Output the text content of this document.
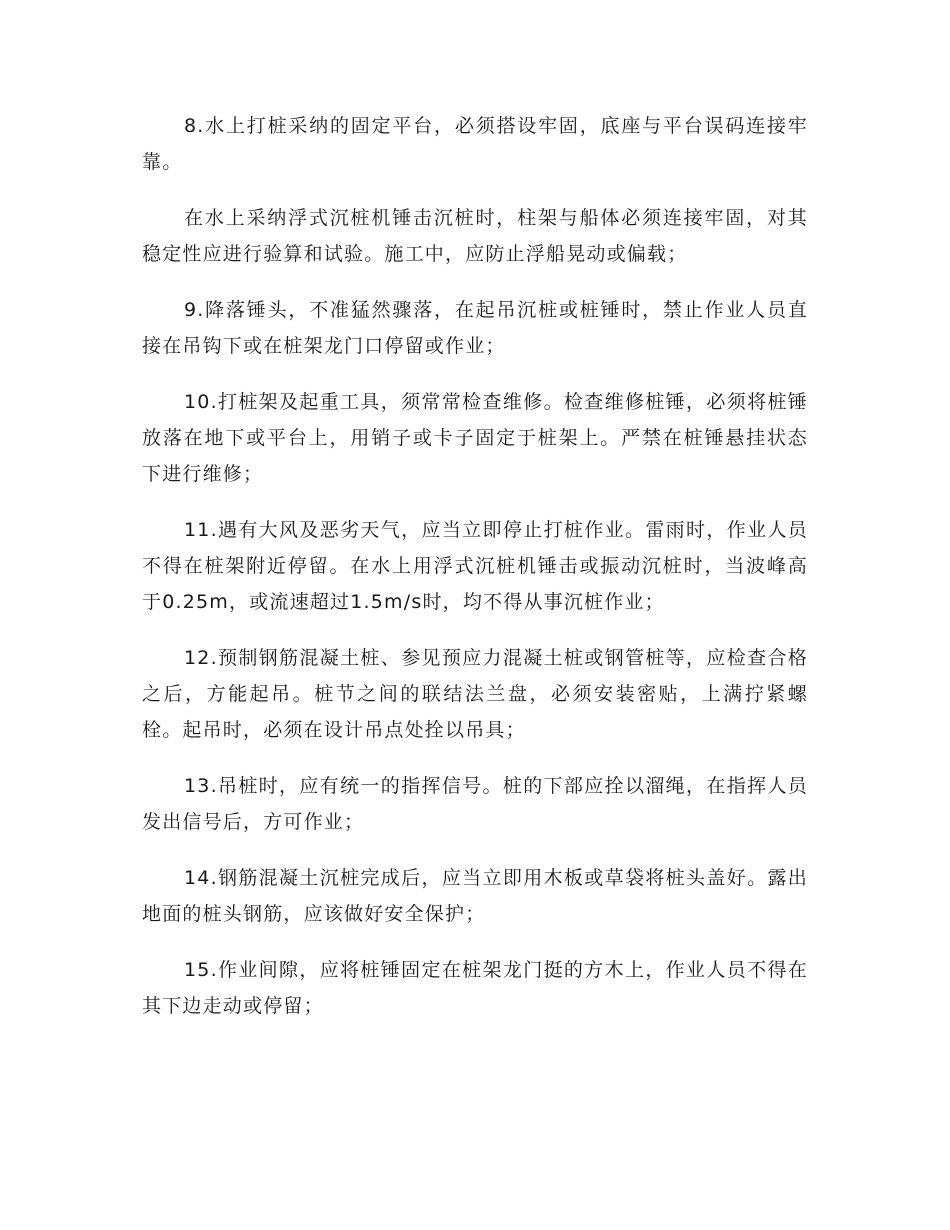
8.水上打桩采纳的固定平台，必须搭设牢固，底座与平台误码连接牢靠。

在水上采纳浮式沉桩机锤击沉桩时，柱架与船体必须连接牢固，对其稳定性应进行验算和试验。施工中，应防止浮船晃动或偏载；

9.降落锤头，不准猛然骤落，在起吊沉桩或桩锤时，禁止作业人员直接在吊钩下或在桩架龙门口停留或作业；

10.打桩架及起重工具，须常常检查维修。检查维修桩锤，必须将桩锤放落在地下或平台上，用销子或卡子固定于桩架上。严禁在桩锤悬挂状态下进行维修；

11.遇有大风及恶劣天气，应当立即停止打桩作业。雷雨时，作业人员不得在桩架附近停留。在水上用浮式沉桩机锤击或振动沉桩时，当波峰高于0.25m，或流速超过1.5m/s时，均不得从事沉桩作业；

12.预制钢筋混凝土桩、参见预应力混凝土桩或钢管桩等，应检查合格之后，方能起吊。桩节之间的联结法兰盘，必须安装密贴，上满拧紧螺栓。起吊时，必须在设计吊点处拴以吊具；

13.吊桩时，应有统一的指挥信号。桩的下部应拴以溜绳，在指挥人员发出信号后，方可作业；

14.钢筋混凝土沉桩完成后，应当立即用木板或草袋将桩头盖好。露出地面的桩头钢筋，应该做好安全保护；

15.作业间隙，应将桩锤固定在桩架龙门挺的方木上，作业人员不得在其下边走动或停留；
